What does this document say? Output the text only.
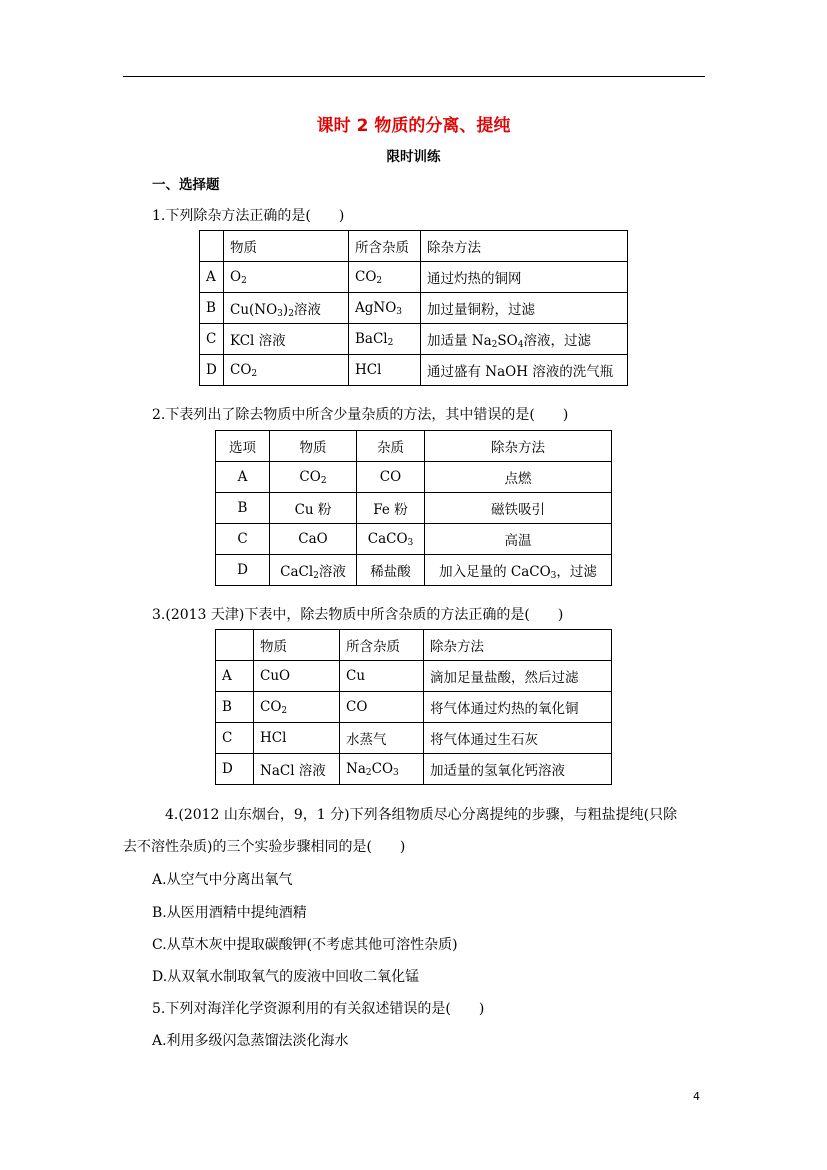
课时 2 物质的分离、提纯
限时训练
一、选择题
1.下列除杂方法正确的是(　　)
	物质	所含杂质	除杂方法
A	$O_2$	$CO_2$	通过灼热的铜网
B	$Cu(NO_3)_2$溶液	AgNO$_3$	加过量铜粉，过滤
C	KCl 溶液	BaCl$_2$	加适量 $Na_2SO_4$溶液，过滤
D	$CO_2$	HCl	通过盛有 NaOH 溶液的洗气瓶
2.下表列出了除去物质中所含少量杂质的方法，其中错误的是(　　)
选项	物质	杂质	除杂方法
A	$CO_2$	CO	点燃
B	Cu 粉	Fe 粉	磁铁吸引
C	CaO	CaCO$_3$	高温
D	CaCl$_2$溶液	稀盐酸	加入足量的 CaCO$_3$，过滤
3.(2013 天津)下表中，除去物质中所含杂质的方法正确的是(　　)
	物质	所含杂质	除杂方法
A	CuO	Cu	滴加足量盐酸，然后过滤
B	$CO_2$	CO	将气体通过灼热的氧化铜
C	HCl	水蒸气	将气体通过生石灰
D	NaCl 溶液	$Na_2CO_3$	加适量的氢氧化钙溶液
4.(2012 山东烟台，9，1 分)下列各组物质尽心分离提纯的步骤，与粗盐提纯(只除
去不溶性杂质)的三个实验步骤相同的是(　　)
A.从空气中分离出氧气
B.从医用酒精中提纯酒精
C.从草木灰中提取碳酸钾(不考虑其他可溶性杂质)
D.从双氧水制取氧气的废液中回收二氧化锰
5.下列对海洋化学资源利用的有关叙述错误的是(　　)
A.利用多级闪急蒸馏法淡化海水
4
